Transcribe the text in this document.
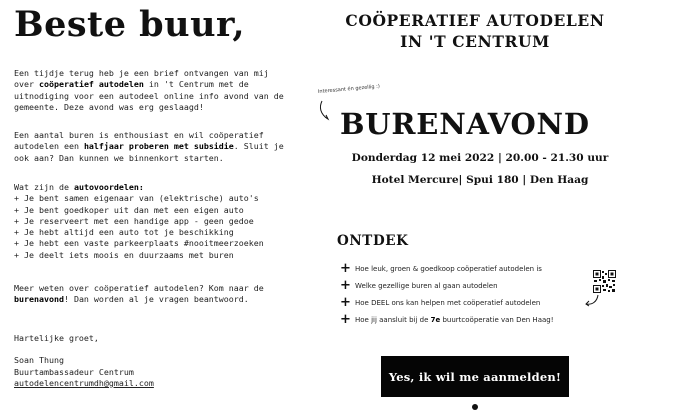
Beste buur,
Een tijdje terug heb je een brief ontvangen van mij
over coöperatief autodelen in 't Centrum met de
uitnodiging voor een autodeel online info avond van de
gemeente. Deze avond was erg geslaagd!
Een aantal buren is enthousiast en wil coöperatief
autodelen een halfjaar proberen met subsidie. Sluit je
ook aan? Dan kunnen we binnenkort starten.
Wat zijn de autovoordelen:
+ Je bent samen eigenaar van (elektrische) auto's
+ Je bent goedkoper uit dan met een eigen auto
+ Je reserveert met een handige app - geen gedoe
+ Je hebt altijd een auto tot je beschikking
+ Je hebt een vaste parkeerplaats #nooitmeerzoeken
+ Je deelt iets moois en duurzaams met buren
Meer weten over coöperatief autodelen? Kom naar de
burenavond! Dan worden al je vragen beantwoord.
Hartelijke groet,
Soan Thung
Buurtambassadeur Centrum
autodelencentrumdh@gmail.com
COÖPERATIEF AUTODELEN
IN 'T CENTRUM
Interessant én gezellig :)
BURENAVOND
Donderdag 12 mei 2022 | 20.00 - 21.30 uur
Hotel Mercure| Spui 180 | Den Haag
ONTDEK
+ Hoe leuk, groen & goedkoop coöperatief autodelen is
+ Welke gezellige buren al gaan autodelen
+ Hoe DEEL ons kan helpen met coöperatief autodelen
+ Hoe jij aansluit bij de 7e buurtcoöperatie van Den Haag!
Yes, ik wil me aanmelden!
